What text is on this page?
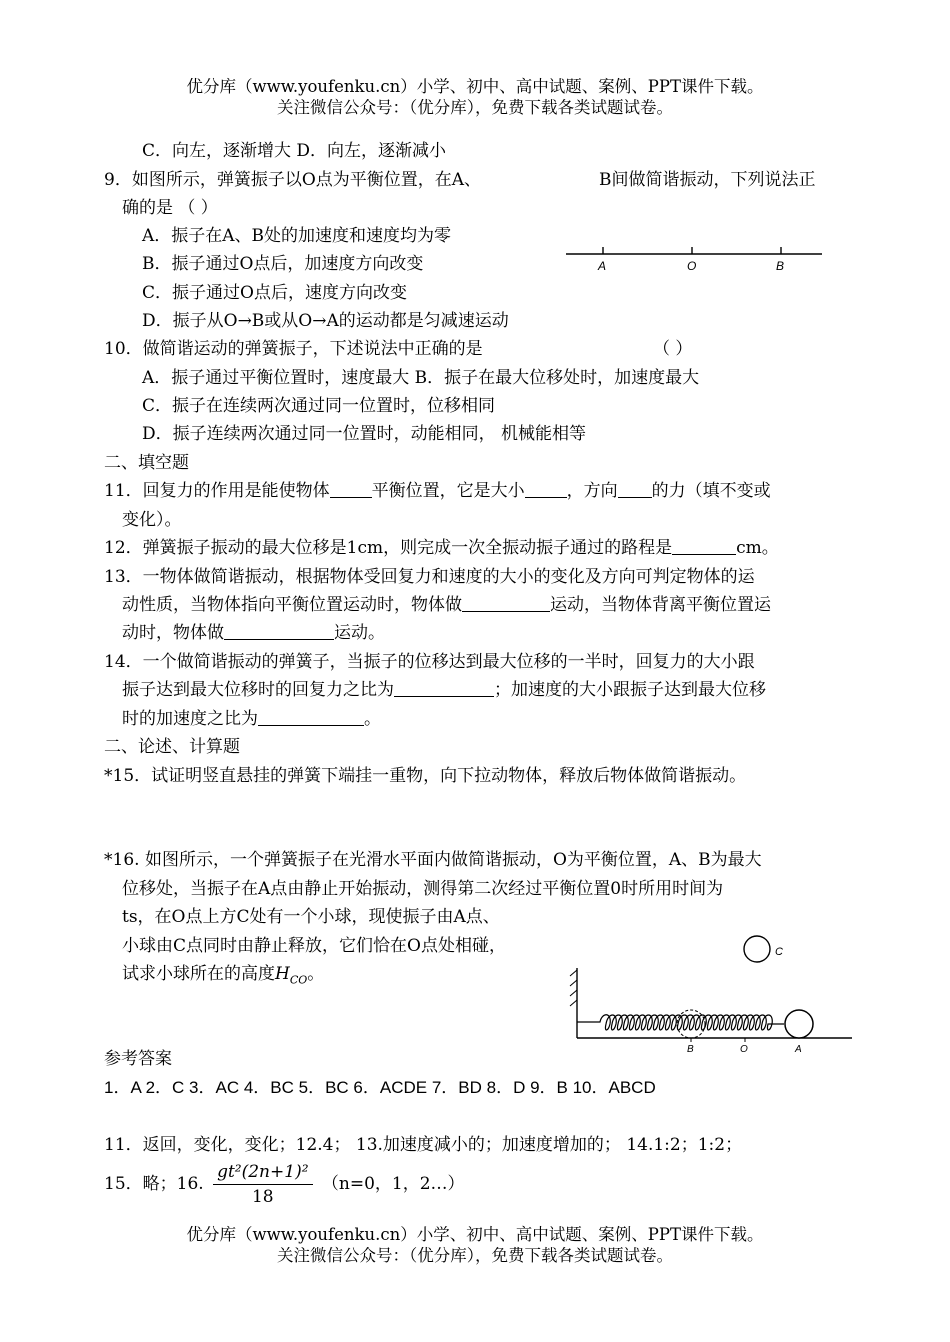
优分库（www.youfenku.cn）小学、初中、高中试题、案例、PPT课件下载。
关注微信公众号：（优分库），免费下载各类试题试卷。
C．向左，逐渐增大 D．向左，逐渐减小
9．如图所示，弹簧振子以O点为平衡位置，在A、	B间做简谐振动，下列说法正
确的是 （ ）
A．振子在A、B处的加速度和速度均为零
B．振子通过O点后，加速度方向改变
C．振子通过O点后，速度方向改变
D．振子从O→B或从O→A的运动都是匀减速运动
A	O	B
10．做简谐运动的弹簧振子，下述说法中正确的是	（ ）
A．振子通过平衡位置时，速度最大 B．振子在最大位移处时，加速度最大
C．振子在连续两次通过同一位置时，位移相同
D．振子连续两次通过同一位置时，动能相同， 机械能相等
二、填空题
11．回复力的作用是能使物体 平衡位置，它是大小 ，方向 的力（填不变或
变化）。
12．弹簧振子振动的最大位移是1cm，则完成一次全振动振子通过的路程是	cm。
13．一物体做简谐振动，根据物体受回复力和速度的大小的变化及方向可判定物体的运
动性质，当物体指向平衡位置运动时，物体做	运动，当物体背离平衡位置运
动时，物体做	运动。
14．一个做简谐振动的弹簧子，当振子的位移达到最大位移的一半时，回复力的大小跟
振子达到最大位移时的回复力之比为	；加速度的大小跟振子达到最大位移
时的加速度之比为	。
二、论述、计算题
*15．试证明竖直悬挂的弹簧下端挂一重物，向下拉动物体，释放后物体做简谐振动。
*16. 如图所示，一个弹簧振子在光滑水平面内做简谐振动，O为平衡位置，A、B为最大
位移处，当振子在A点由静止开始振动，测得第二次经过平衡位置0时所用时间为
ts，在O点上方C处有一个小球，现使振子由A点、
小球由C点同时由静止释放，它们恰在O点处相碰，
试求小球所在的高度$H_{CO}$。
C
B	O	A
参考答案
1．A 2．C 3．AC 4．BC 5．BC 6．ACDE 7．BD 8．D 9．B 10．ABCD
11．返回，变化，变化；12.4； 13.加速度减小的；加速度增加的； 14.1:2；1:2；
15．略；16. $\frac{\text{gt²(2n+1)²}}{18} (n=0$，1，2…）
优分库（www.youfenku.cn）小学、初中、高中试题、案例、PPT课件下载。
关注微信公众号：（优分库），免费下载各类试题试卷。
